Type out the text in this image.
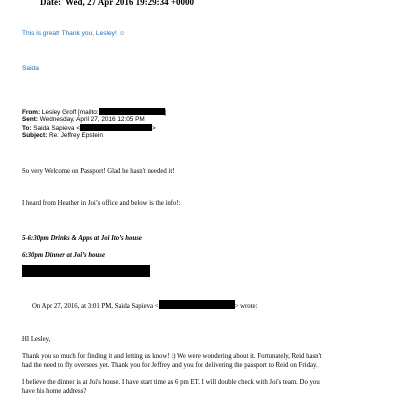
Date: Wed, 27 Apr 2016 19:29:34 +0000
This is great! Thank you, Lesley! ☺
Saida
From: Lesley Groff [mailto:	]
Sent: Wednesday, April 27, 2016 12:05 PM
To: Saida Sapieva <	>
Subject: Re: Jeffrey Epstein
So very Welcome on Passport! Glad he hasn't needed it!
I heard from Heather in Joi’s office and below is the info!:
5-6:30pm Drinks & Apps at Joi Ito’s house
6:30pm Dinner at Joi’s house
On Apr 27, 2016, at 3:01 PM, Saida Sapieva <	> wrote:
HI Lesley,
Thank you so much for finding it and letting us know! :) We were wondering about it. Fortunately, Reid hasn't
had the need to fly oversees yet. Thank you for Jeffrey and you for delivering the passport to Reid on Friday.
I believe the dinner is at Joi's house. I have start time as 6 pm ET. I will double check with Joi's team. Do you
have his home address?
